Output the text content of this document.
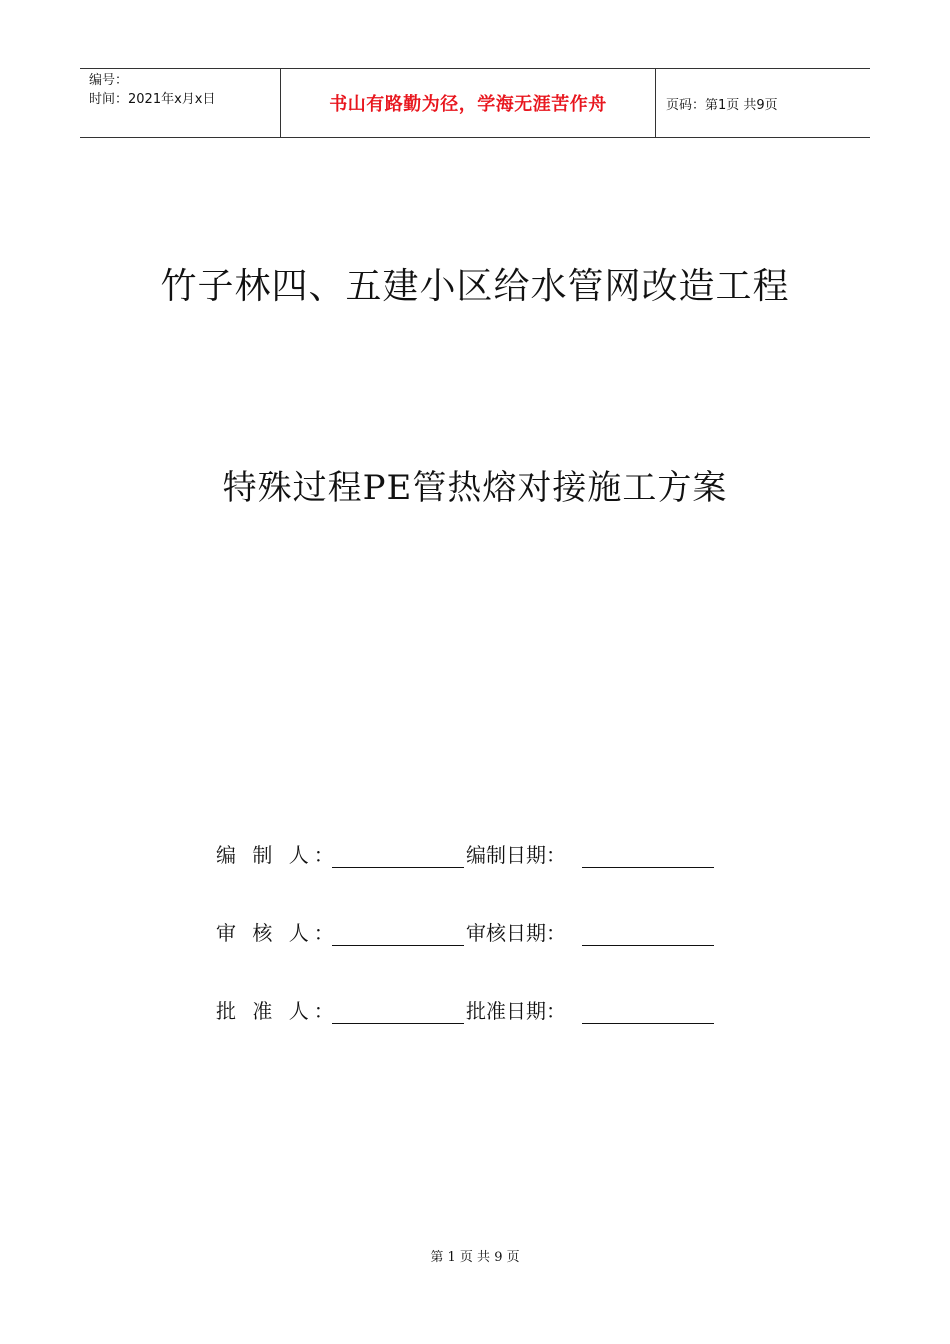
编号：
时间：2021年x月x日	书山有路勤为径，学海无涯苦作舟	页码：第1页 共9页
竹子林四、五建小区给水管网改造工程
特殊过程PE管热熔对接施工方案
编 制 人：	编制日期：
审 核 人：	审核日期：
批 准 人：	批准日期：
第 1 页 共 9 页
